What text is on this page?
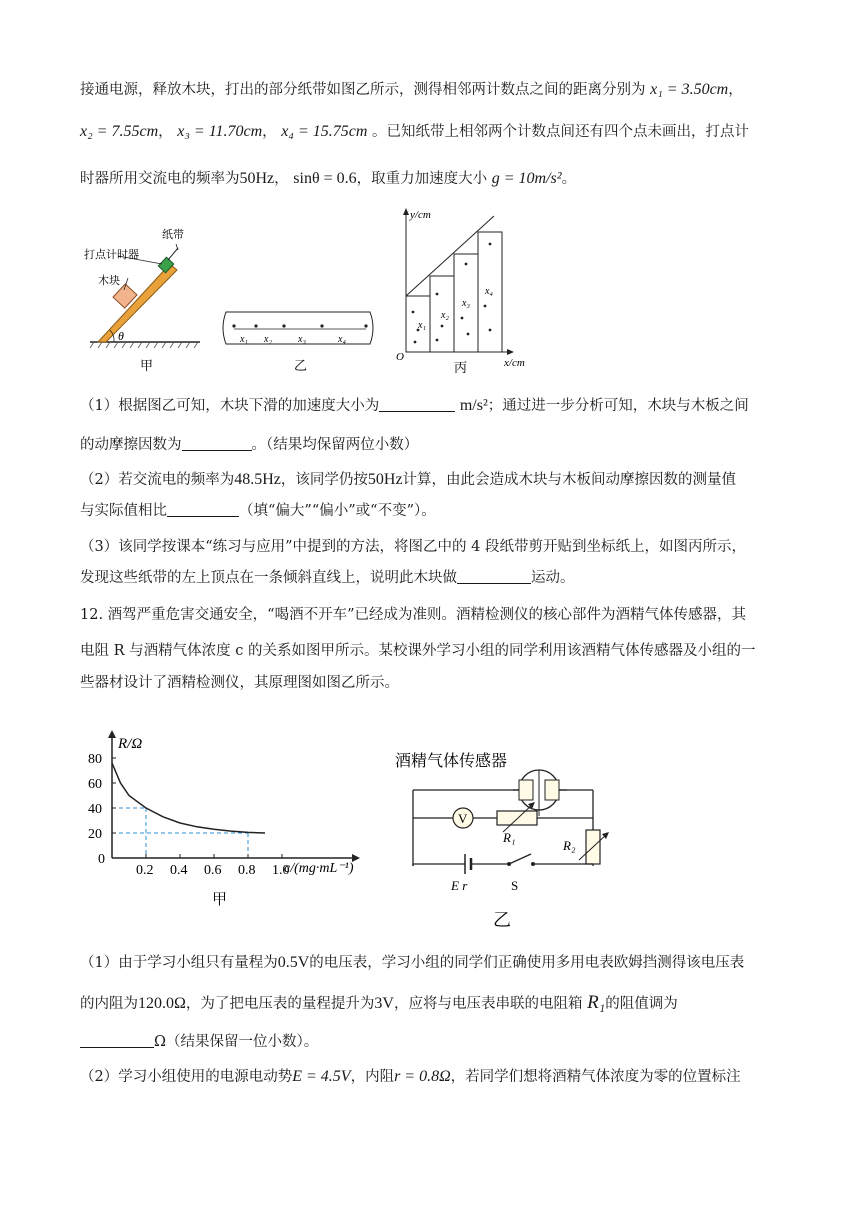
接通电源，释放木块，打出的部分纸带如图乙所示，测得相邻两计数点之间的距离分别为 x₁ = 3.50cm，
x₂ = 7.55cm， x₃ = 11.70cm， x₄ = 15.75cm 。已知纸带上相邻两个计数点间还有四个点未画出，打点计
时器所用交流电的频率为50Hz， sinθ = 0.6，取重力加速度大小 g = 10m/s²。
纸带
打点计时器
木块
θ
甲
x₁ x₂	x₃	x₄
乙
x₁
x₂
x₃
x₄
y/cm
x/cm
O
丙
（1）根据图乙可知，木块下滑的加速度大小为	m/s²；通过进一步分析可知，木块与木板之间
的动摩擦因数为	。（结果均保留两位小数）
（2）若交流电的频率为48.5Hz，该同学仍按50Hz计算，由此会造成木块与木板间动摩擦因数的测量值
与实际值相比	（填“偏大”“偏小”或“不变”）。
（3）该同学按课本“练习与应用”中提到的方法，将图乙中的 4 段纸带剪开贴到坐标纸上，如图丙所示，
发现这些纸带的左上顶点在一条倾斜直线上，说明此木块做	运动。
12. 酒驾严重危害交通安全，“喝酒不开车”已经成为准则。酒精检测仪的核心部件为酒精气体传感器，其
电阻 R 与酒精气体浓度 c 的关系如图甲所示。某校课外学习小组的同学利用该酒精气体传感器及小组的一
些器材设计了酒精检测仪，其原理图如图乙所示。
0.2 0.4 0.6 0.8 1.0
0
20
40
60
80
R/Ω
c/(mg·mL⁻¹)
甲
酒精气体传感器
V
R₁
R₂
E r	S
乙
（1）由于学习小组只有量程为0.5V的电压表，学习小组的同学们正确使用多用电表欧姆挡测得该电压表
的内阻为120.0Ω，为了把电压表的量程提升为3V，应将与电压表串联的电阻箱 R₁的阻值调为
Ω（结果保留一位小数）。
（2）学习小组使用的电源电动势E = 4.5V，内阻r = 0.8Ω，若同学们想将酒精气体浓度为零的位置标注
